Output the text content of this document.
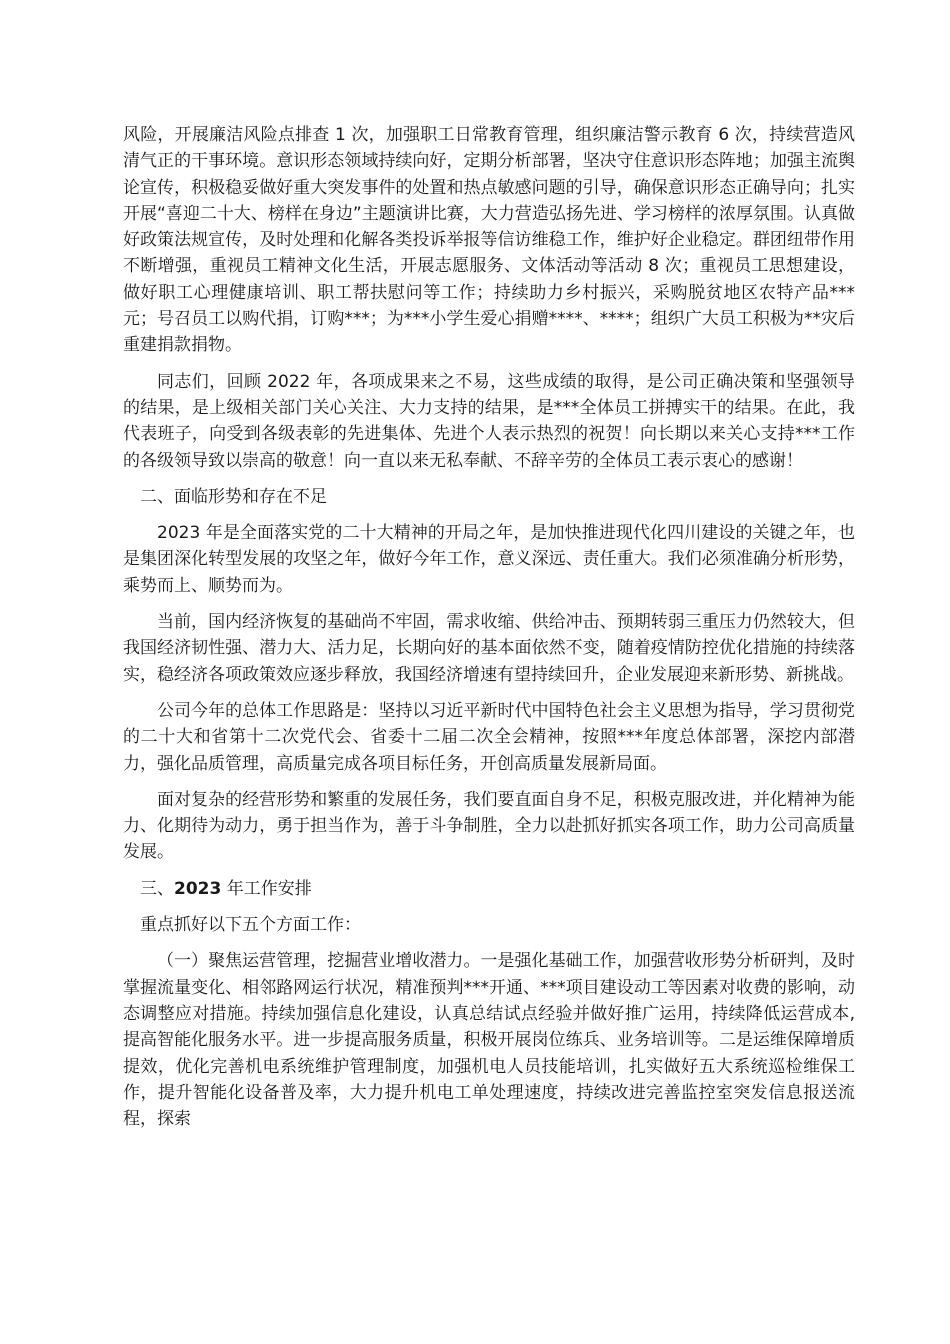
风险，开展廉洁风险点排查 1 次，加强职工日常教育管理，组织廉洁警示教育 6 次，持续营造风清气正的干事环境。意识形态领域持续向好，定期分析部署，坚决守住意识形态阵地；加强主流舆论宣传，积极稳妥做好重大突发事件的处置和热点敏感问题的引导，确保意识形态正确导向；扎实开展“喜迎二十大、榜样在身边”主题演讲比赛，大力营造弘扬先进、学习榜样的浓厚氛围。认真做好政策法规宣传，及时处理和化解各类投诉举报等信访维稳工作，维护好企业稳定。群团纽带作用不断增强，重视员工精神文化生活，开展志愿服务、文体活动等活动 8 次；重视员工思想建设，做好职工心理健康培训、职工帮扶慰问等工作；持续助力乡村振兴，采购脱贫地区农特产品***元；号召员工以购代捐，订购***；为***小学生爱心捐赠****、****；组织广大员工积极为**灾后重建捐款捐物。

同志们，回顾 2022 年，各项成果来之不易，这些成绩的取得，是公司正确决策和坚强领导的结果，是上级相关部门关心关注、大力支持的结果，是***全体员工拼搏实干的结果。在此，我代表班子，向受到各级表彰的先进集体、先进个人表示热烈的祝贺！向长期以来关心支持***工作的各级领导致以崇高的敬意！向一直以来无私奉献、不辞辛劳的全体员工表示衷心的感谢！

二、面临形势和存在不足

2023 年是全面落实党的二十大精神的开局之年，是加快推进现代化四川建设的关键之年，也是集团深化转型发展的攻坚之年，做好今年工作，意义深远、责任重大。我们必须准确分析形势，乘势而上、顺势而为。

当前，国内经济恢复的基础尚不牢固，需求收缩、供给冲击、预期转弱三重压力仍然较大，但我国经济韧性强、潜力大、活力足，长期向好的基本面依然不变，随着疫情防控优化措施的持续落实，稳经济各项政策效应逐步释放，我国经济增速有望持续回升，企业发展迎来新形势、新挑战。

公司今年的总体工作思路是：坚持以习近平新时代中国特色社会主义思想为指导，学习贯彻党的二十大和省第十二次党代会、省委十二届二次全会精神，按照***年度总体部署，深挖内部潜力，强化品质管理，高质量完成各项目标任务，开创高质量发展新局面。

面对复杂的经营形势和繁重的发展任务，我们要直面自身不足，积极克服改进，并化精神为能力、化期待为动力，勇于担当作为，善于斗争制胜，全力以赴抓好抓实各项工作，助力公司高质量发展。

三、2023 年工作安排

重点抓好以下五个方面工作：

（一）聚焦运营管理，挖掘营业增收潜力。一是强化基础工作，加强营收形势分析研判，及时掌握流量变化、相邻路网运行状况，精准预判***开通、***项目建设动工等因素对收费的影响，动态调整应对措施。持续加强信息化建设，认真总结试点经验并做好推广运用，持续降低运营成本,提高智能化服务水平。进一步提高服务质量，积极开展岗位练兵、业务培训等。二是运维保障增质提效，优化完善机电系统维护管理制度，加强机电人员技能培训，扎实做好五大系统巡检维保工作，提升智能化设备普及率，大力提升机电工单处理速度，持续改进完善监控室突发信息报送流程，探索
